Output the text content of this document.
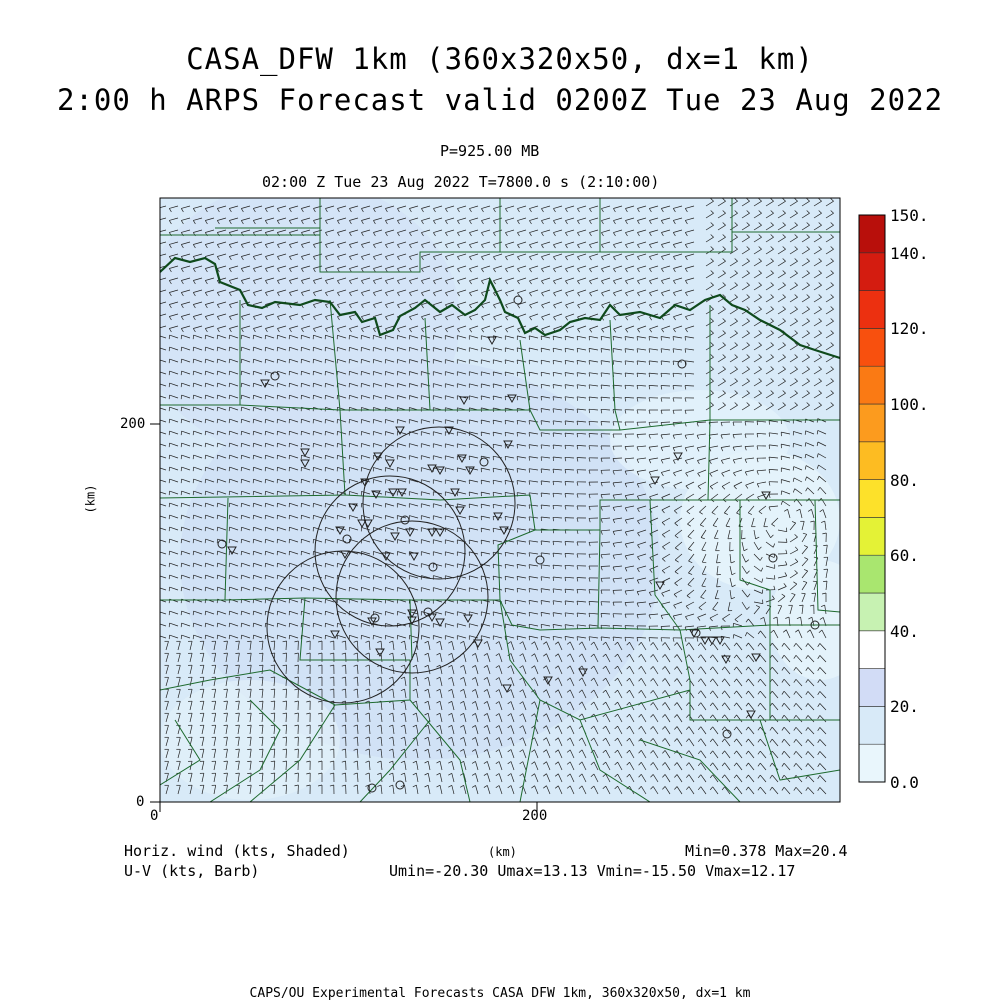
CASA_DFW 1km (360x320x50, dx=1 km)
2:00 h ARPS Forecast valid 0200Z Tue 23 Aug 2022
P=925.00 MB
02:00 Z Tue 23 Aug 2022 T=7800.0 s (2:10:00)
0	200
0
200
(km)
(km)
150.
140.
120.
100.
80.
60.
40.
20.
0.0
Horiz. wind (kts, Shaded)
U-V (kts, Barb)
Min=0.378 Max=20.4
Umin=-20.30 Umax=13.13 Vmin=-15.50 Vmax=12.17
CAPS/OU Experimental Forecasts CASA DFW 1km, 360x320x50, dx=1 km
